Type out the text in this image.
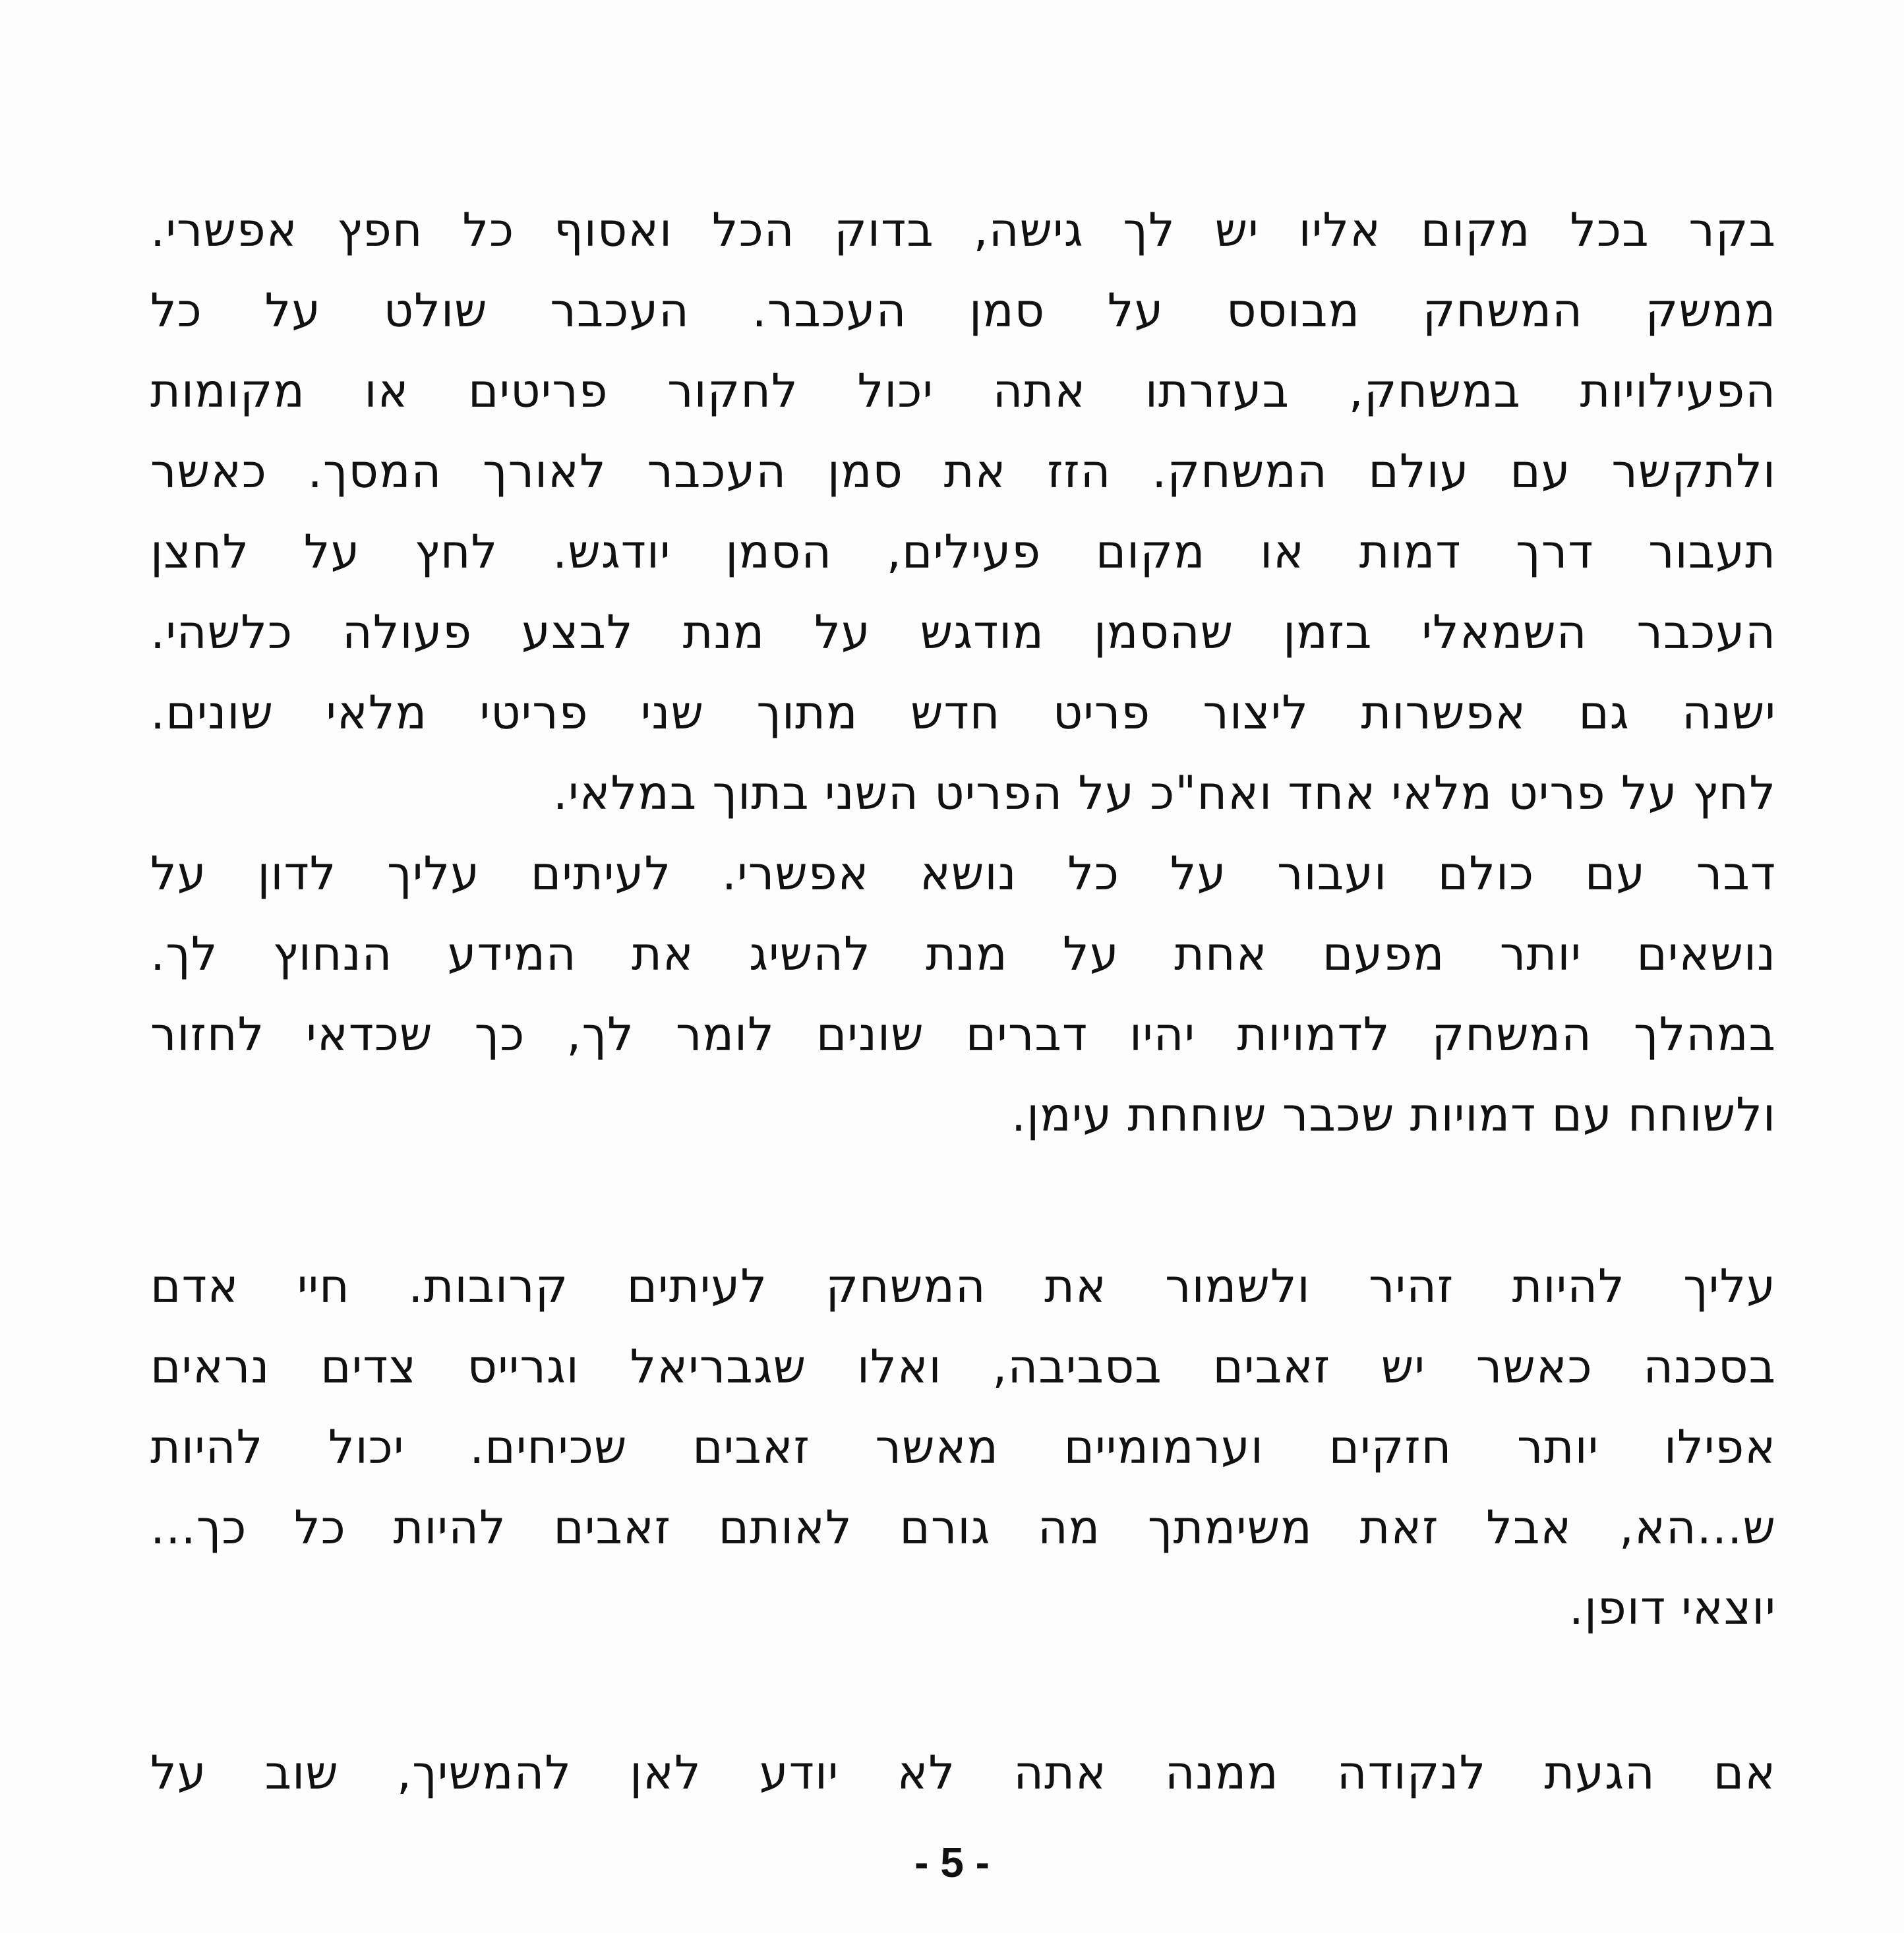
בקר בכל מקום אליו יש לך גישה, בדוק הכל ואסוף כל חפץ אפשרי.
ממשק המשחק מבוסס על סמן העכבר. העכבר שולט על כל
הפעילויות במשחק, בעזרתו אתה יכול לחקור פריטים או מקומות
ולתקשר עם עולם המשחק. הזז את סמן העכבר לאורך המסך. כאשר
תעבור דרך דמות או מקום פעילים, הסמן יודגש. לחץ על לחצן
העכבר השמאלי בזמן שהסמן מודגש על מנת לבצע פעולה כלשהי.
ישנה גם אפשרות ליצור פריט חדש מתוך שני פריטי מלאי שונים.
לחץ על פריט מלאי אחד ואח"כ על הפריט השני בתוך במלאי.
דבר עם כולם ועבור על כל נושא אפשרי. לעיתים עליך לדון על
נושאים יותר מפעם אחת על מנת להשיג את המידע הנחוץ לך.
במהלך המשחק לדמויות יהיו דברים שונים לומר לך, כך שכדאי לחזור
ולשוחח עם דמויות שכבר שוחחת עימן.
עליך להיות זהיר ולשמור את המשחק לעיתים קרובות. חיי אדם
בסכנה כאשר יש זאבים בסביבה, ואלו שגבריאל וגרייס צדים נראים
אפילו יותר חזקים וערמומיים מאשר זאבים שכיחים. יכול להיות
ש...הא, אבל זאת משימתך מה גורם לאותם זאבים להיות כל כך...
יוצאי דופן.
אם הגעת לנקודה ממנה אתה לא יודע לאן להמשיך, שוב על
- 5 -
